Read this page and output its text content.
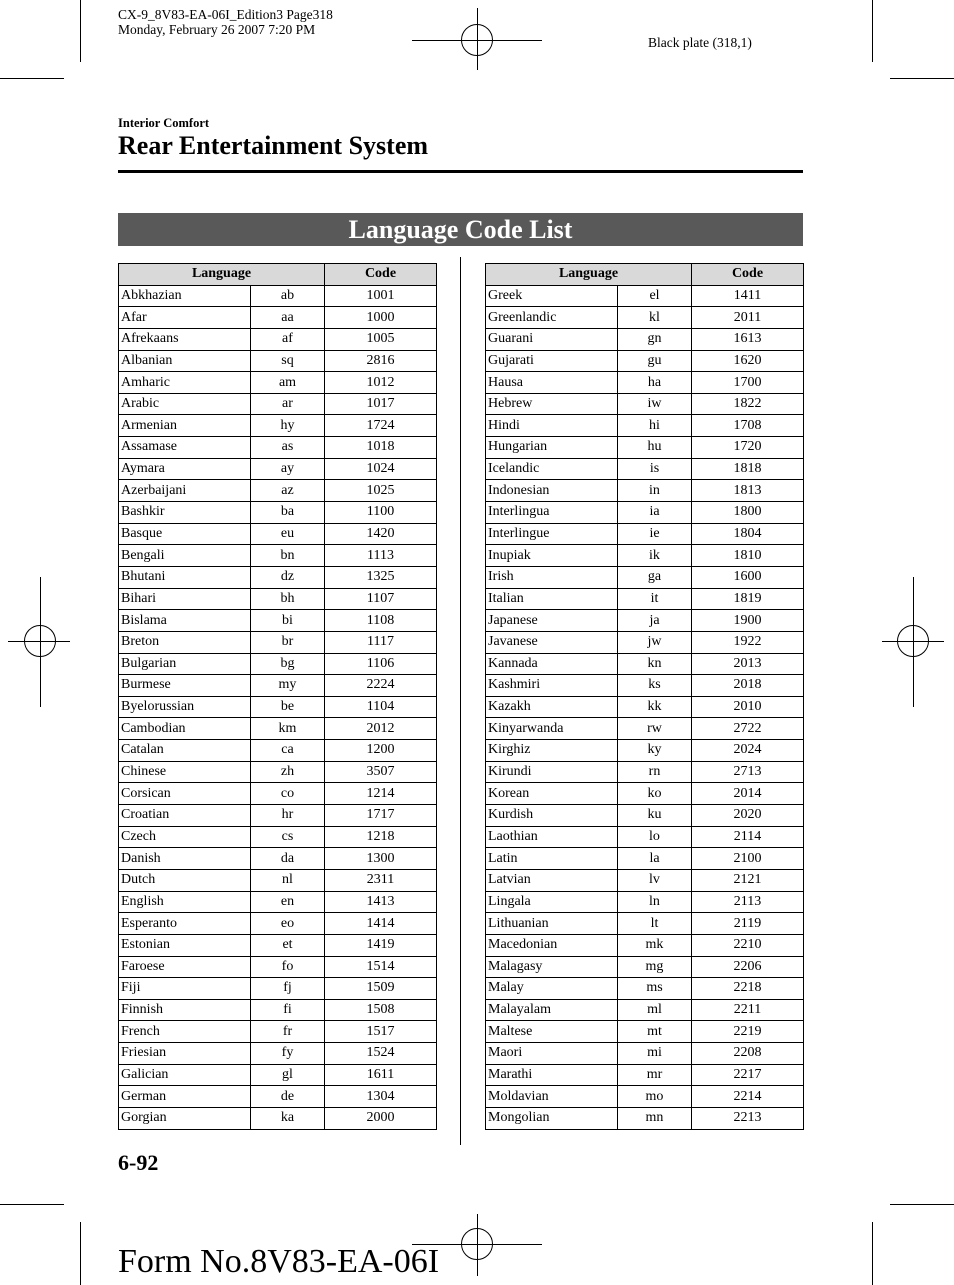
CX-9_8V83-EA-06I_Edition3 Page318
Monday, February 26 2007 7:20 PM
Black plate (318,1)
Interior Comfort
Rear Entertainment System
Language Code List
Language		Code
Abkhazian	ab	1001
Afar	aa	1000
Afrekaans	af	1005
Albanian	sq	2816
Amharic	am	1012
Arabic	ar	1017
Armenian	hy	1724
Assamase	as	1018
Aymara	ay	1024
Azerbaijani	az	1025
Bashkir	ba	1100
Basque	eu	1420
Bengali	bn	1113
Bhutani	dz	1325
Bihari	bh	1107
Bislama	bi	1108
Breton	br	1117
Bulgarian	bg	1106
Burmese	my	2224
Byelorussian	be	1104
Cambodian	km	2012
Catalan	ca	1200
Chinese	zh	3507
Corsican	co	1214
Croatian	hr	1717
Czech	cs	1218
Danish	da	1300
Dutch	nl	2311
English	en	1413
Esperanto	eo	1414
Estonian	et	1419
Faroese	fo	1514
Fiji	fj	1509
Finnish	fi	1508
French	fr	1517
Friesian	fy	1524
Galician	gl	1611
German	de	1304
Gorgian	ka	2000
Language		Code
Greek	el	1411
Greenlandic	kl	2011
Guarani	gn	1613
Gujarati	gu	1620
Hausa	ha	1700
Hebrew	iw	1822
Hindi	hi	1708
Hungarian	hu	1720
Icelandic	is	1818
Indonesian	in	1813
Interlingua	ia	1800
Interlingue	ie	1804
Inupiak	ik	1810
Irish	ga	1600
Italian	it	1819
Japanese	ja	1900
Javanese	jw	1922
Kannada	kn	2013
Kashmiri	ks	2018
Kazakh	kk	2010
Kinyarwanda	rw	2722
Kirghiz	ky	2024
Kirundi	rn	2713
Korean	ko	2014
Kurdish	ku	2020
Laothian	lo	2114
Latin	la	2100
Latvian	lv	2121
Lingala	ln	2113
Lithuanian	lt	2119
Macedonian	mk	2210
Malagasy	mg	2206
Malay	ms	2218
Malayalam	ml	2211
Maltese	mt	2219
Maori	mi	2208
Marathi	mr	2217
Moldavian	mo	2214
Mongolian	mn	2213
6-92
Form No.8V83-EA-06I
